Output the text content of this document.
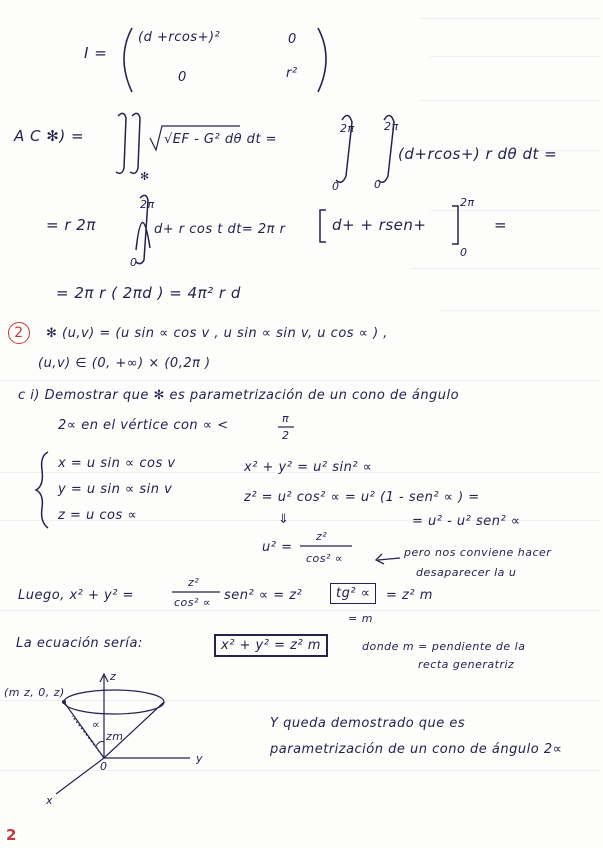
I =
(d +rcos+)²	0
0	r²
A C ✻) =
✻
√EF - G² dθ dt =
2π
0
2π
0
(d+rcos+) r dθ dt =
= r 2π
2π
0
d+ r cos t dt= 2π r	d+ + rsen+
2π
0
=
= 2π r ( 2πd ) = 4π² r d
2	✻ (u,v) = (u sin ∝ cos v , u sin ∝ sin v, u cos ∝ ) ,
(u,v) ∈ (0, +∞) × (0,2π )
c i) Demostrar que ✻ es parametrización de un cono de ángulo
2∝ en el vértice con ∝ <	π
2
x = u sin ∝ cos v
y = u sin ∝ sin v
z = u cos ∝
x² + y² = u² sin² ∝
z² = u² cos² ∝ = u² (1 - sen² ∝ ) =
= u² - u² sen² ∝
⇓
u² =
z²
cos² ∝	pero nos conviene hacer
desaparecer la u
Luego, x² + y² =
z²
cos² ∝ sen² ∝ = z²	tg² ∝	= z² m
= m
La ecuación sería:	x² + y² = z² m	donde m = pendiente de la
recta generatriz
(m z, 0, z)
z
y
x
0
∝
zm
Y queda demostrado que es
parametrización de un cono de ángulo 2∝
2
